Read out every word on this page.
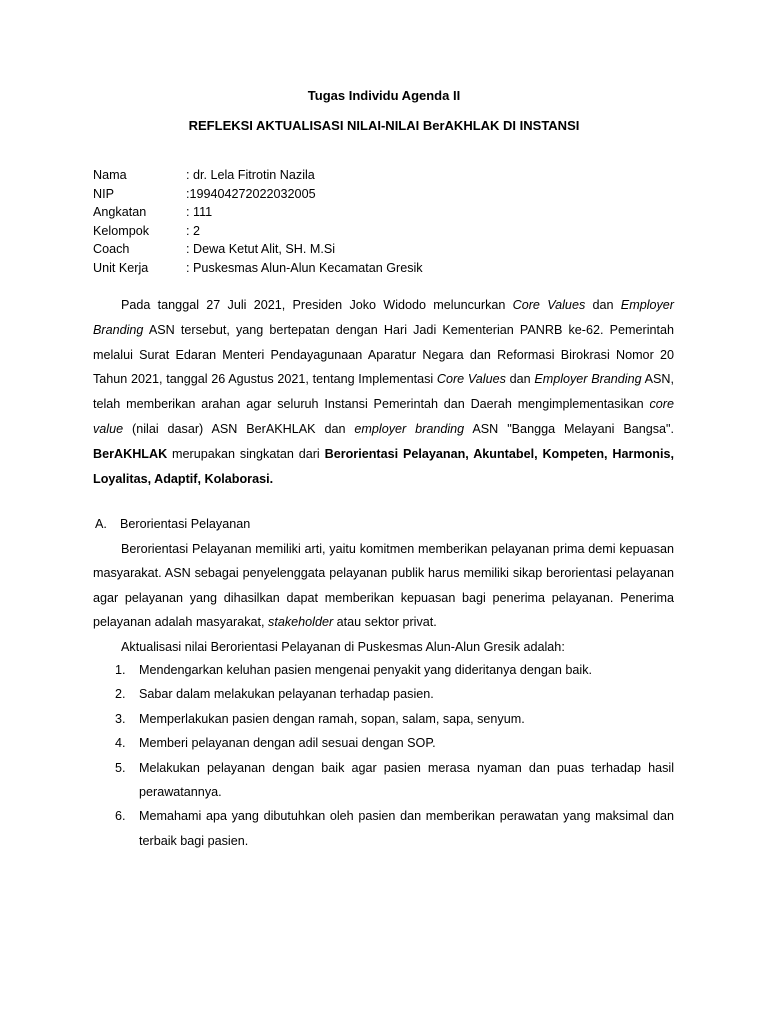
Tugas Individu Agenda II
REFLEKSI AKTUALISASI NILAI-NILAI BerAKHLAK DI INSTANSI
Nama	: dr. Lela Fitrotin Nazila
NIP	:199404272022032005
Angkatan	: 111
Kelompok	: 2
Coach	: Dewa Ketut Alit, SH. M.Si
Unit Kerja	: Puskesmas Alun-Alun Kecamatan Gresik

Pada tanggal 27 Juli 2021, Presiden Joko Widodo meluncurkan Core Values dan Employer Branding ASN tersebut, yang bertepatan dengan Hari Jadi Kementerian PANRB ke-62. Pemerintah melalui Surat Edaran Menteri Pendayagunaan Aparatur Negara dan Reformasi Birokrasi Nomor 20 Tahun 2021, tanggal 26 Agustus 2021, tentang Implementasi Core Values dan Employer Branding ASN, telah memberikan arahan agar seluruh Instansi Pemerintah dan Daerah mengimplementasikan core value (nilai dasar) ASN BerAKHLAK dan employer branding ASN "Bangga Melayani Bangsa". BerAKHLAK merupakan singkatan dari Berorientasi Pelayanan, Akuntabel, Kompeten, Harmonis, Loyalitas, Adaptif, Kolaborasi.

A. Berorientasi Pelayanan

Berorientasi Pelayanan memiliki arti, yaitu komitmen memberikan pelayanan prima demi kepuasan masyarakat. ASN sebagai penyelenggata pelayanan publik harus memiliki sikap berorientasi pelayanan agar pelayanan yang dihasilkan dapat memberikan kepuasan bagi penerima pelayanan. Penerima pelayanan adalah masyarakat, stakeholder atau sektor privat.

Aktualisasi nilai Berorientasi Pelayanan di Puskesmas Alun-Alun Gresik adalah:
1. Mendengarkan keluhan pasien mengenai penyakit yang dideritanya dengan baik.
2. Sabar dalam melakukan pelayanan terhadap pasien.
3. Memperlakukan pasien dengan ramah, sopan, salam, sapa, senyum.
4. Memberi pelayanan dengan adil sesuai dengan SOP.
5. Melakukan pelayanan dengan baik agar pasien merasa nyaman dan puas terhadap hasil perawatannya.
6. Memahami apa yang dibutuhkan oleh pasien dan memberikan perawatan yang maksimal dan terbaik bagi pasien.
